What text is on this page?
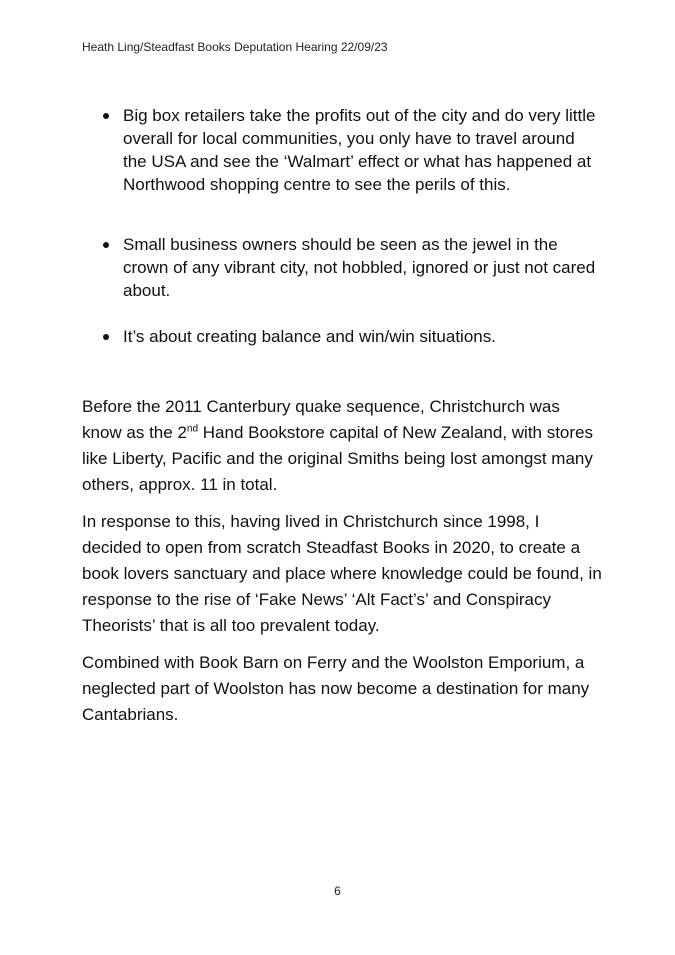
Heath Ling/Steadfast Books Deputation Hearing 22/09/23
Big box retailers take the profits out of the city and do very little overall for local communities, you only have to travel around the USA and see the ‘Walmart’ effect or what has happened at Northwood shopping centre to see the perils of this.
Small business owners should be seen as the jewel in the crown of any vibrant city, not hobbled, ignored or just not cared about.
It’s about creating balance and win/win situations.

Before the 2011 Canterbury quake sequence, Christchurch was know as the 2nd Hand Bookstore capital of New Zealand, with stores like Liberty, Pacific and the original Smiths being lost amongst many others, approx. 11 in total.

In response to this, having lived in Christchurch since 1998, I decided to open from scratch Steadfast Books in 2020, to create a book lovers sanctuary and place where knowledge could be found, in response to the rise of ‘Fake News’ ‘Alt Fact’s’ and Conspiracy Theorists’ that is all too prevalent today.

Combined with Book Barn on Ferry and the Woolston Emporium, a neglected part of Woolston has now become a destination for many Cantabrians.

6
